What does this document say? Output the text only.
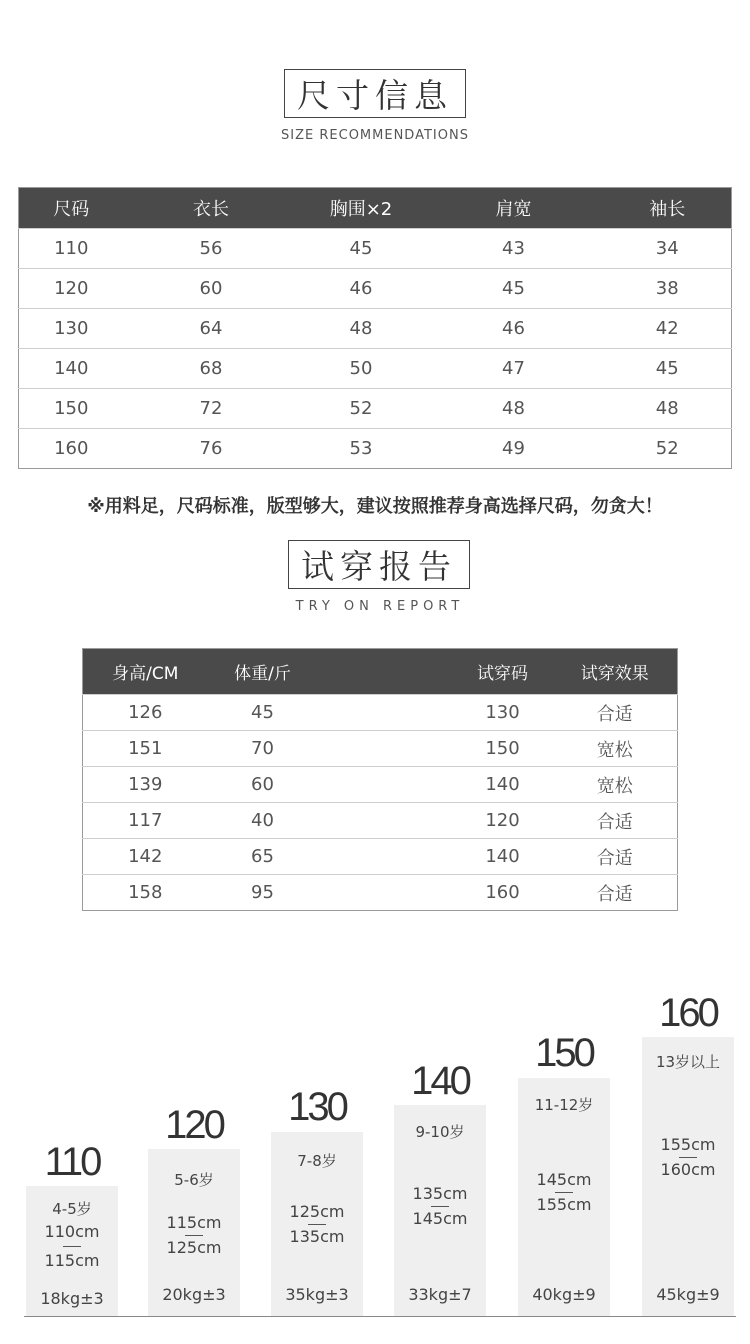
尺寸信息
SIZE RECOMMENDATIONS
尺码	衣长	胸围×2	肩宽	袖长
110	56	45	43	34
120	60	46	45	38
130	64	48	46	42
140	68	50	47	45
150	72	52	48	48
160	76	53	49	52
※用料足，尺码标准，版型够大，建议按照推荐身高选择尺码，勿贪大！
试穿报告
TRY ON REPORT
身高/CM	体重/斤		试穿码	试穿效果
126	45		130	合适
151	70		150	宽松
139	60		140	宽松
117	40		120	合适
142	65		140	合适
158	95		160	合适
110
4-5岁
110cm
115cm
18kg±3
120
5-6岁
115cm
125cm
20kg±3
130
7-8岁
125cm
135cm
35kg±3
140
9-10岁
135cm
145cm
33kg±7
150
11-12岁
145cm
155cm
40kg±9
160
13岁以上
155cm
160cm
45kg±9
